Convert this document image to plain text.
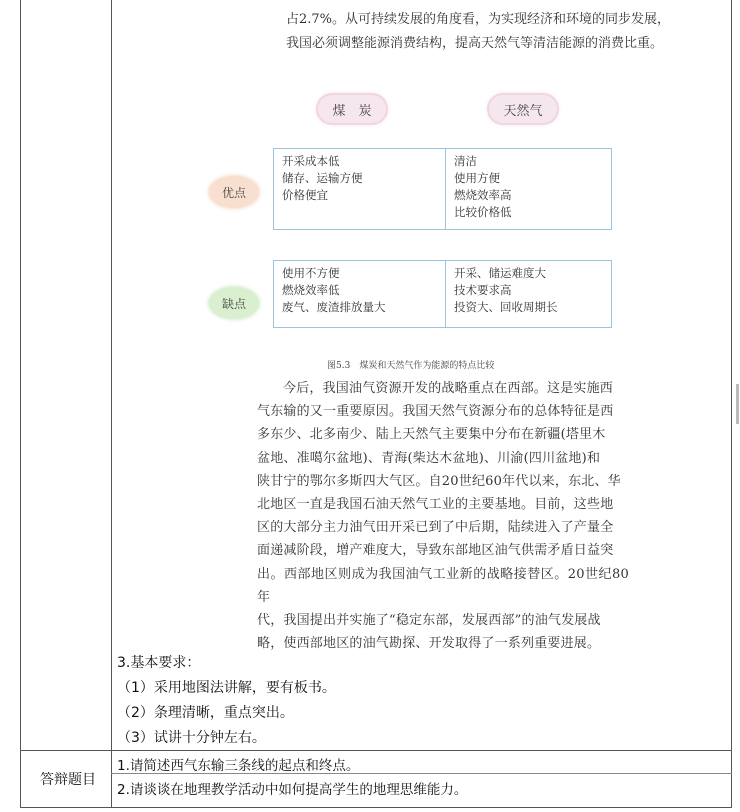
占2.7%。从可持续发展的角度看，为实现经济和环境的同步发展，我国必须调整能源消费结构，提高天然气等清洁能源的消费比重。
煤　炭	天然气
优点
缺点
开采成本低
储存、运输方便
价格便宜
清洁
使用方便
燃烧效率高
比较价格低
使用不方便
燃烧效率低
废气、废渣排放量大
开采、储运难度大
技术要求高
投资大、回收周期长
图5.3　煤炭和天然气作为能源的特点比较
今后，我国油气资源开发的战略重点在西部。这是实施西
气东输的又一重要原因。我国天然气资源分布的总体特征是西
多东少、北多南少、陆上天然气主要集中分布在新疆(塔里木
盆地、准噶尔盆地)、青海(柴达木盆地)、川渝(四川盆地)和
陕甘宁的鄂尔多斯四大气区。自20世纪60年代以来，东北、华
北地区一直是我国石油天然气工业的主要基地。目前，这些地
区的大部分主力油气田开采已到了中后期，陆续进入了产量全
面递减阶段，增产难度大，导致东部地区油气供需矛盾日益突
出。西部地区则成为我国油气工业新的战略接替区。20世纪80年
代，我国提出并实施了“稳定东部，发展西部”的油气发展战
略，使西部地区的油气勘探、开发取得了一系列重要进展。
3.基本要求：
（1）采用地图法讲解，要有板书。
（2）条理清晰，重点突出。
（3）试讲十分钟左右。
答辩题目
1.请简述西气东输三条线的起点和终点。
2.请谈谈在地理教学活动中如何提高学生的地理思维能力。
